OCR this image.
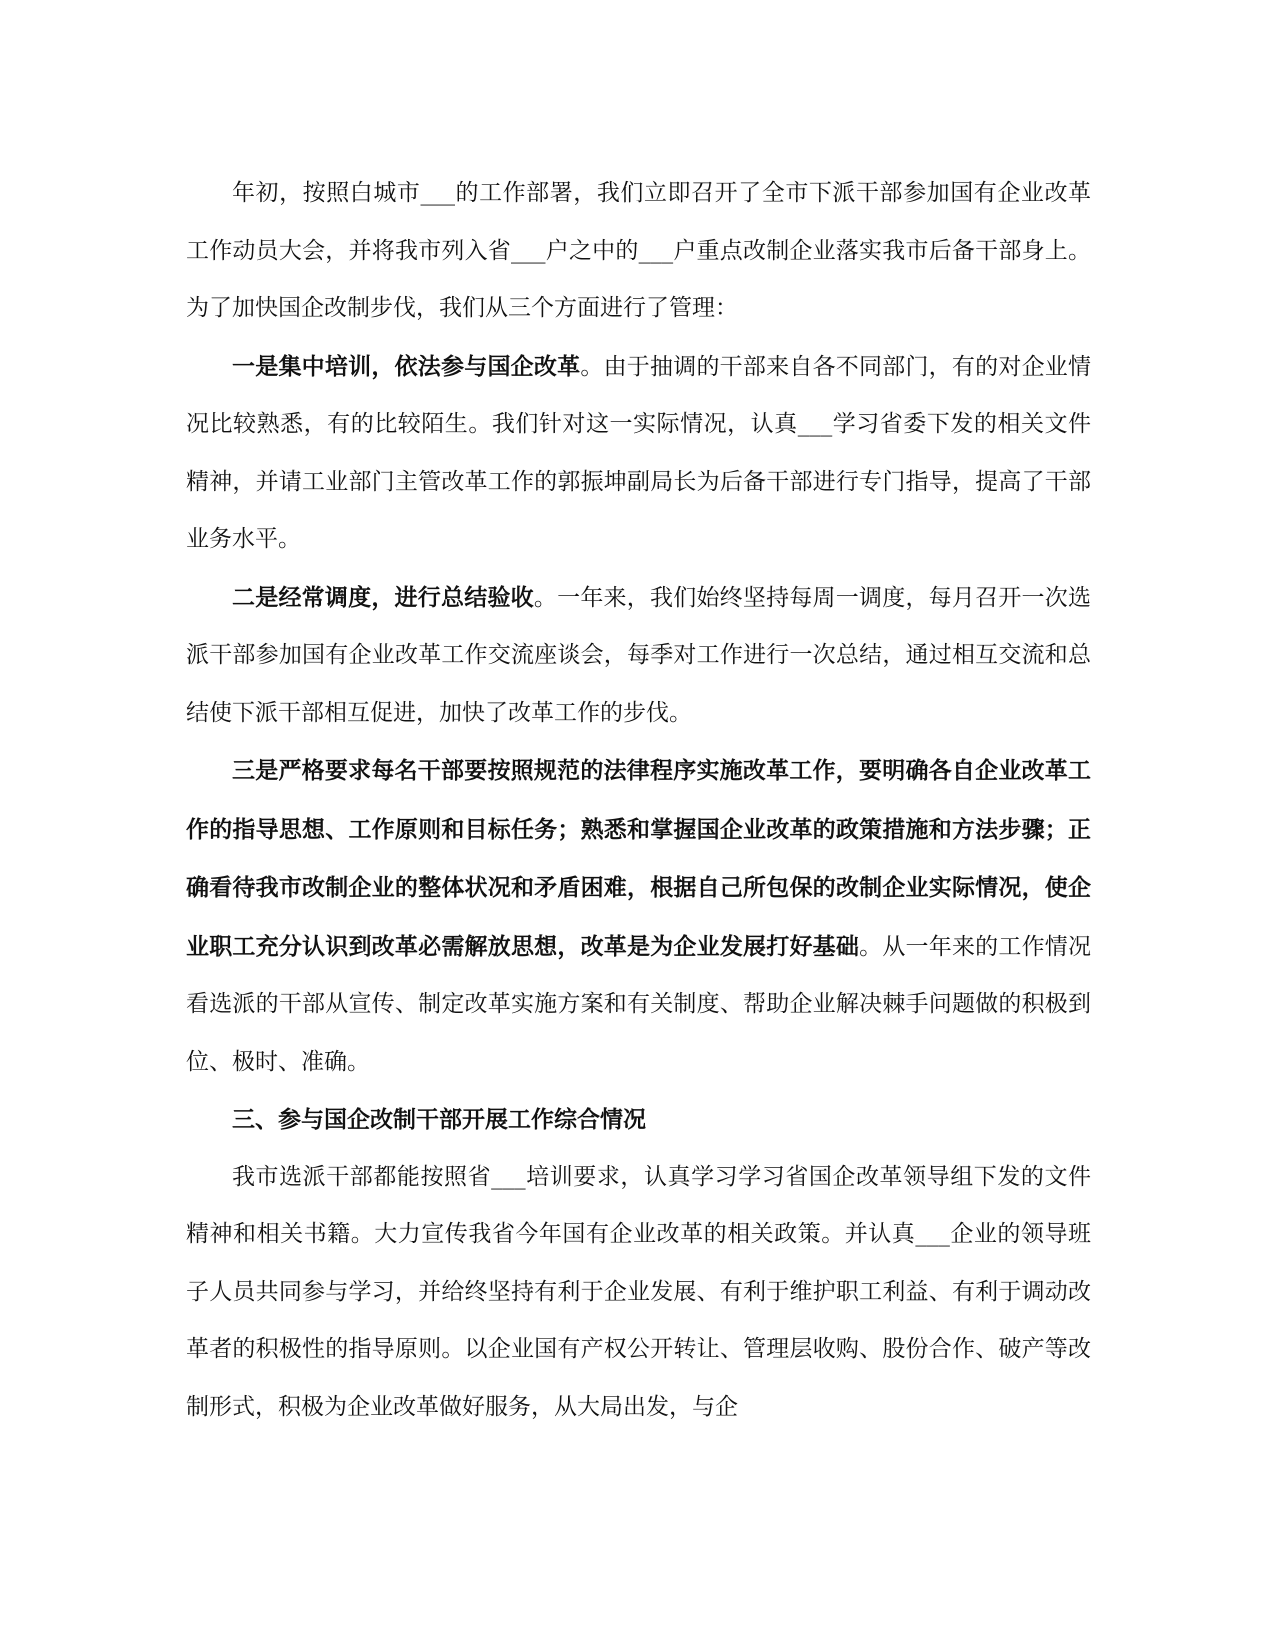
年初，按照白城市___的工作部署，我们立即召开了全市下派干部参加国有企业改革工作动员大会，并将我市列入省___户之中的___户重点改制企业落实我市后备干部身上。为了加快国企改制步伐，我们从三个方面进行了管理：

一是集中培训，依法参与国企改革。由于抽调的干部来自各不同部门，有的对企业情况比较熟悉，有的比较陌生。我们针对这一实际情况，认真___学习省委下发的相关文件精神，并请工业部门主管改革工作的郭振坤副局长为后备干部进行专门指导，提高了干部业务水平。

二是经常调度，进行总结验收。一年来，我们始终坚持每周一调度，每月召开一次选派干部参加国有企业改革工作交流座谈会，每季对工作进行一次总结，通过相互交流和总结使下派干部相互促进，加快了改革工作的步伐。

三是严格要求每名干部要按照规范的法律程序实施改革工作，要明确各自企业改革工作的指导思想、工作原则和目标任务；熟悉和掌握国企业改革的政策措施和方法步骤；正确看待我市改制企业的整体状况和矛盾困难，根据自己所包保的改制企业实际情况，使企业职工充分认识到改革必需解放思想，改革是为企业发展打好基础。从一年来的工作情况看选派的干部从宣传、制定改革实施方案和有关制度、帮助企业解决棘手问题做的积极到位、极时、准确。

三、参与国企改制干部开展工作综合情况

我市选派干部都能按照省___培训要求，认真学习学习省国企改革领导组下发的文件精神和相关书籍。大力宣传我省今年国有企业改革的相关政策。并认真___企业的领导班子人员共同参与学习，并给终坚持有利于企业发展、有利于维护职工利益、有利于调动改革者的积极性的指导原则。以企业国有产权公开转让、管理层收购、股份合作、破产等改制形式，积极为企业改革做好服务，从大局出发，与企
